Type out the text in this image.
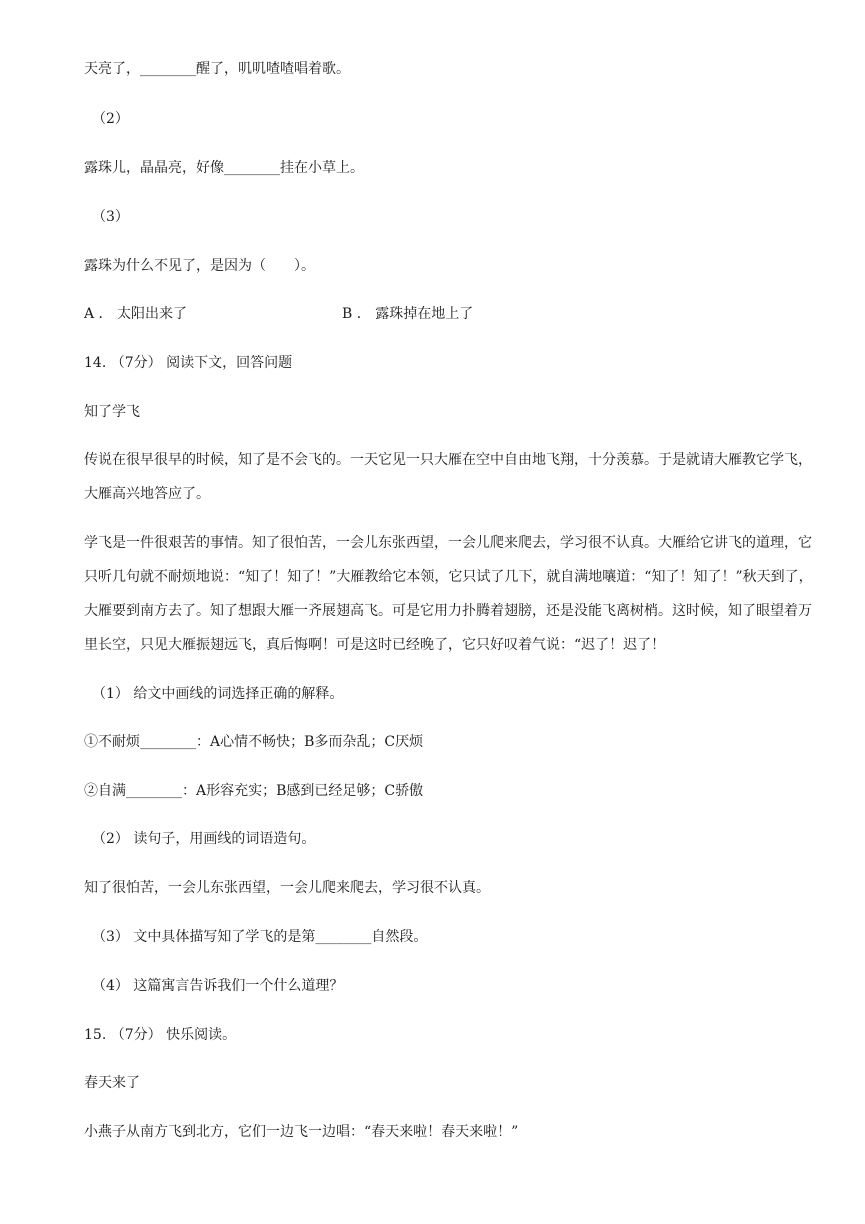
天亮了，________醒了，叽叽喳喳唱着歌。
（2）
露珠儿，晶晶亮，好像________挂在小草上。
（3）
露珠为什么不见了，是因为（　　）。
A ． 太阳出来了	B ． 露珠掉在地上了
14. （7分） 阅读下文，回答问题
知了学飞
传说在很早很早的时候，知了是不会飞的。一天它见一只大雁在空中自由地飞翔，十分羡慕。于是就请大雁教它学飞，大雁高兴地答应了。
学飞是一件很艰苦的事情。知了很怕苦，一会儿东张西望，一会儿爬来爬去，学习很不认真。大雁给它讲飞的道理，它只听几句就不耐烦地说：“知了！知了！”大雁教给它本领，它只试了几下，就自满地嚷道：“知了！知了！”秋天到了，大雁要到南方去了。知了想跟大雁一齐展翅高飞。可是它用力扑腾着翅膀，还是没能飞离树梢。这时候，知了眼望着万里长空，只见大雁振翅远飞，真后悔啊！可是这时已经晚了，它只好叹着气说：“迟了！迟了！
（1） 给文中画线的词选择正确的解释。
①不耐烦________：A心情不畅快；B多而杂乱；C厌烦
②自满________：A形容充实；B感到已经足够；C骄傲
（2） 读句子，用画线的词语造句。
知了很怕苦，一会儿东张西望，一会儿爬来爬去，学习很不认真。
（3） 文中具体描写知了学飞的是第________自然段。
（4） 这篇寓言告诉我们一个什么道理？
15. （7分） 快乐阅读。
春天来了
小燕子从南方飞到北方，它们一边飞一边唱：“春天来啦！春天来啦！”
